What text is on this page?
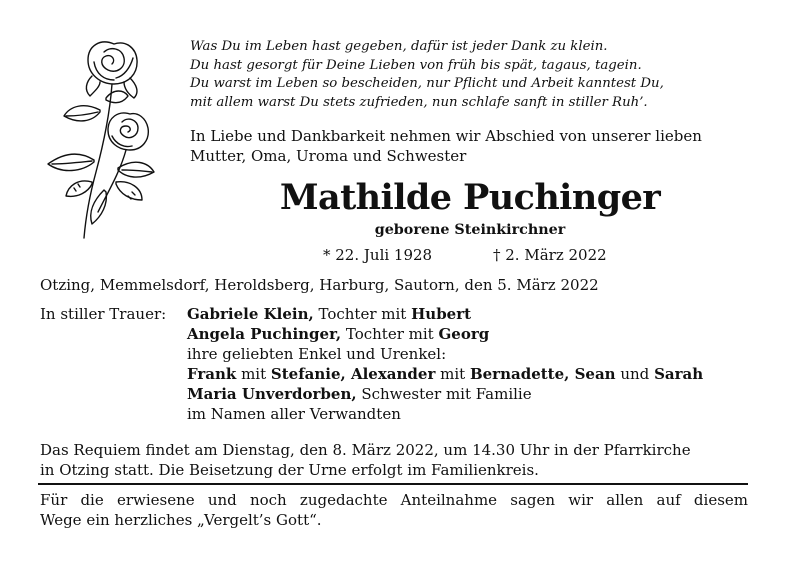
Was Du im Leben hast gegeben, dafür ist jeder Dank zu klein.
Du hast gesorgt für Deine Lieben von früh bis spät, tagaus, tagein.
Du warst im Leben so bescheiden, nur Pflicht und Arbeit kanntest Du,
mit allem warst Du stets zufrieden, nun schlafe sanft in stiller Ruh’.
In Liebe und Dankbarkeit nehmen wir Abschied von unserer lieben
Mutter, Oma, Uroma und Schwester
Mathilde Puchinger
geborene Steinkirchner
* 22. Juli 1928	† 2. März 2022
Otzing, Memmelsdorf, Heroldsberg, Harburg, Sautorn, den 5. März 2022
In stiller Trauer: Gabriele Klein, Tochter mit Hubert
Angela Puchinger, Tochter mit Georg
ihre geliebten Enkel und Urenkel:
Frank mit Stefanie, Alexander mit Bernadette, Sean und Sarah
Maria Unverdorben, Schwester mit Familie
im Namen aller Verwandten
Das Requiem findet am Dienstag, den 8. März 2022, um 14.30 Uhr in der Pfarrkirche
in Otzing statt. Die Beisetzung der Urne erfolgt im Familienkreis.
Für die erwiesene und noch zugedachte Anteilnahme sagen wir allen auf diesem
Wege ein herzliches „Vergelt’s Gott“.
